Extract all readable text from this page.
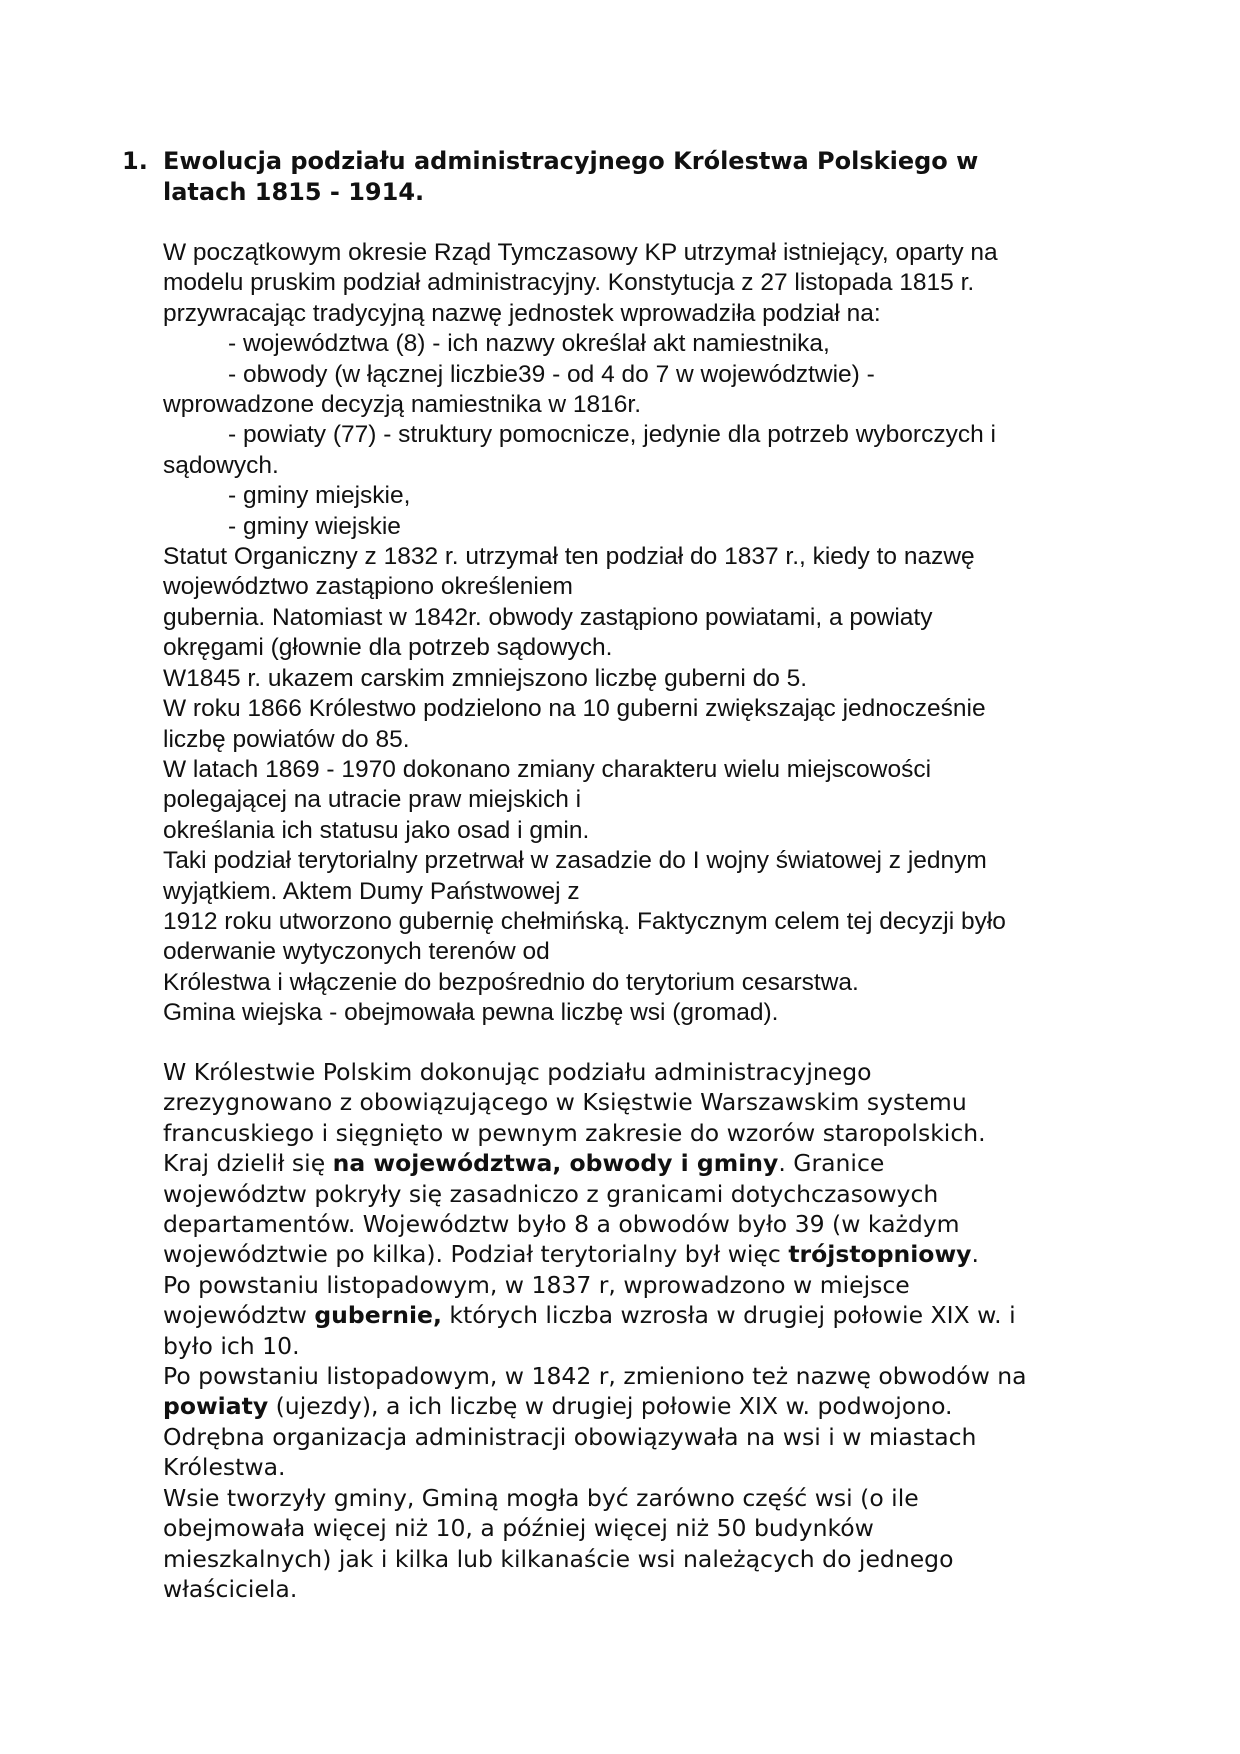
1. Ewolucja podziału administracyjnego Królestwa Polskiego w
latach 1815 - 1914.

W początkowym okresie Rząd Tymczasowy KP utrzymał istniejący, oparty na

modelu pruskim podział administracyjny. Konstytucja z 27 listopada 1815 r.

przywracając tradycyjną nazwę jednostek wprowadziła podział na:

- województwa (8) - ich nazwy określał akt namiestnika,

- obwody (w łącznej liczbie39 - od 4 do 7 w województwie) -

wprowadzone decyzją namiestnika w 1816r.

- powiaty (77) - struktury pomocnicze, jedynie dla potrzeb wyborczych i

sądowych.

- gminy miejskie,

- gminy wiejskie

Statut Organiczny z 1832 r. utrzymał ten podział do 1837 r., kiedy to nazwę

województwo zastąpiono określeniem

gubernia. Natomiast w 1842r. obwody zastąpiono powiatami, a powiaty

okręgami (głownie dla potrzeb sądowych.

W1845 r. ukazem carskim zmniejszono liczbę guberni do 5.

W roku 1866 Królestwo podzielono na 10 guberni zwiększając jednocześnie

liczbę powiatów do 85.

W latach 1869 - 1970 dokonano zmiany charakteru wielu miejscowości

polegającej na utracie praw miejskich i

określania ich statusu jako osad i gmin.

Taki podział terytorialny przetrwał w zasadzie do I wojny światowej z jednym

wyjątkiem. Aktem Dumy Państwowej z

1912 roku utworzono gubernię chełmińską. Faktycznym celem tej decyzji było

oderwanie wytyczonych terenów od

Królestwa i włączenie do bezpośrednio do terytorium cesarstwa.

Gmina wiejska - obejmowała pewna liczbę wsi (gromad).

W Królestwie Polskim dokonując podziału administracyjnego

zrezygnowano z obowiązującego w Księstwie Warszawskim systemu

francuskiego i sięgnięto w pewnym zakresie do wzorów staropolskich.

Kraj dzielił się na województwa, obwody i gminy. Granice

województw pokryły się zasadniczo z granicami dotychczasowych

departamentów. Województw było 8 a obwodów było 39 (w każdym

województwie po kilka). Podział terytorialny był więc trójstopniowy.

Po powstaniu listopadowym, w 1837 r, wprowadzono w miejsce

województw gubernie, których liczba wzrosła w drugiej połowie XIX w. i

było ich 10.

Po powstaniu listopadowym, w 1842 r, zmieniono też nazwę obwodów na

powiaty (ujezdy), a ich liczbę w drugiej połowie XIX w. podwojono.

Odrębna organizacja administracji obowiązywała na wsi i w miastach

Królestwa.

Wsie tworzyły gminy, Gminą mogła być zarówno część wsi (o ile

obejmowała więcej niż 10, a później więcej niż 50 budynków

mieszkalnych) jak i kilka lub kilkanaście wsi należących do jednego

właściciela.
